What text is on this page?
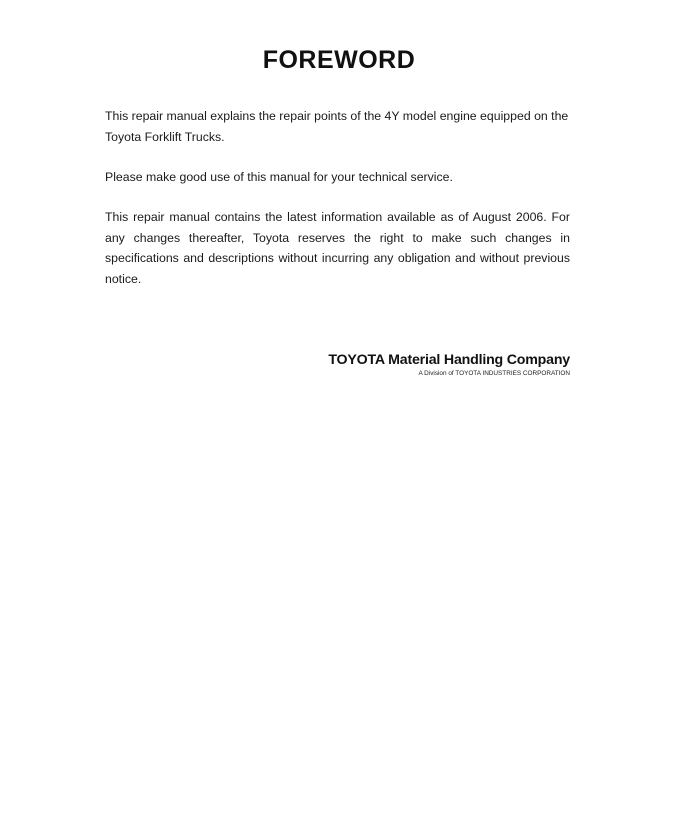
FOREWORD

This repair manual explains the repair points of the 4Y model engine equipped on the Toyota Forklift Trucks.

Please make good use of this manual for your technical service.

This repair manual contains the latest information available as of August 2006. For any changes thereafter, Toyota reserves the right to make such changes in specifications and descriptions without incurring any obligation and without previous notice.

TOYOTA Material Handling Company

A Division of TOYOTA INDUSTRIES CORPORATION
